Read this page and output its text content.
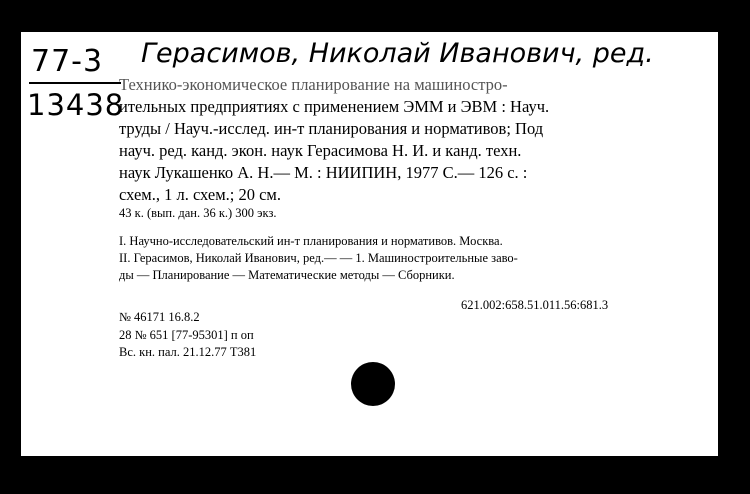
77-3
13438
Герасимов, Николай Иванович, ред.
Технико-экономическое планирование на машиностро-
ительных предприятиях с применением ЭММ и ЭВМ : Науч.
труды / Науч.-исслед. ин-т планирования и нормативов; Под
науч. ред. канд. экон. наук Герасимова Н. И. и канд. техн.
наук Лукашенко А. Н.— М. : НИИПИН, 1977 С.— 126 с. :
схем., 1 л. схем.; 20 см.
43 к. (вып. дан. 36 к.) 300 экз.
I. Научно-исследовательский ин-т планирования и нормативов. Москва.
II. Герасимов, Николай Иванович, ред.— — 1. Машиностроительные заво-
ды — Планирование — Математические методы — Сборники.
621.002:658.51.011.56:681.3
№ 46171 16.8.2
28 № 651 [77-95301] п оп
Вс. кн. пал. 21.12.77 Т381
